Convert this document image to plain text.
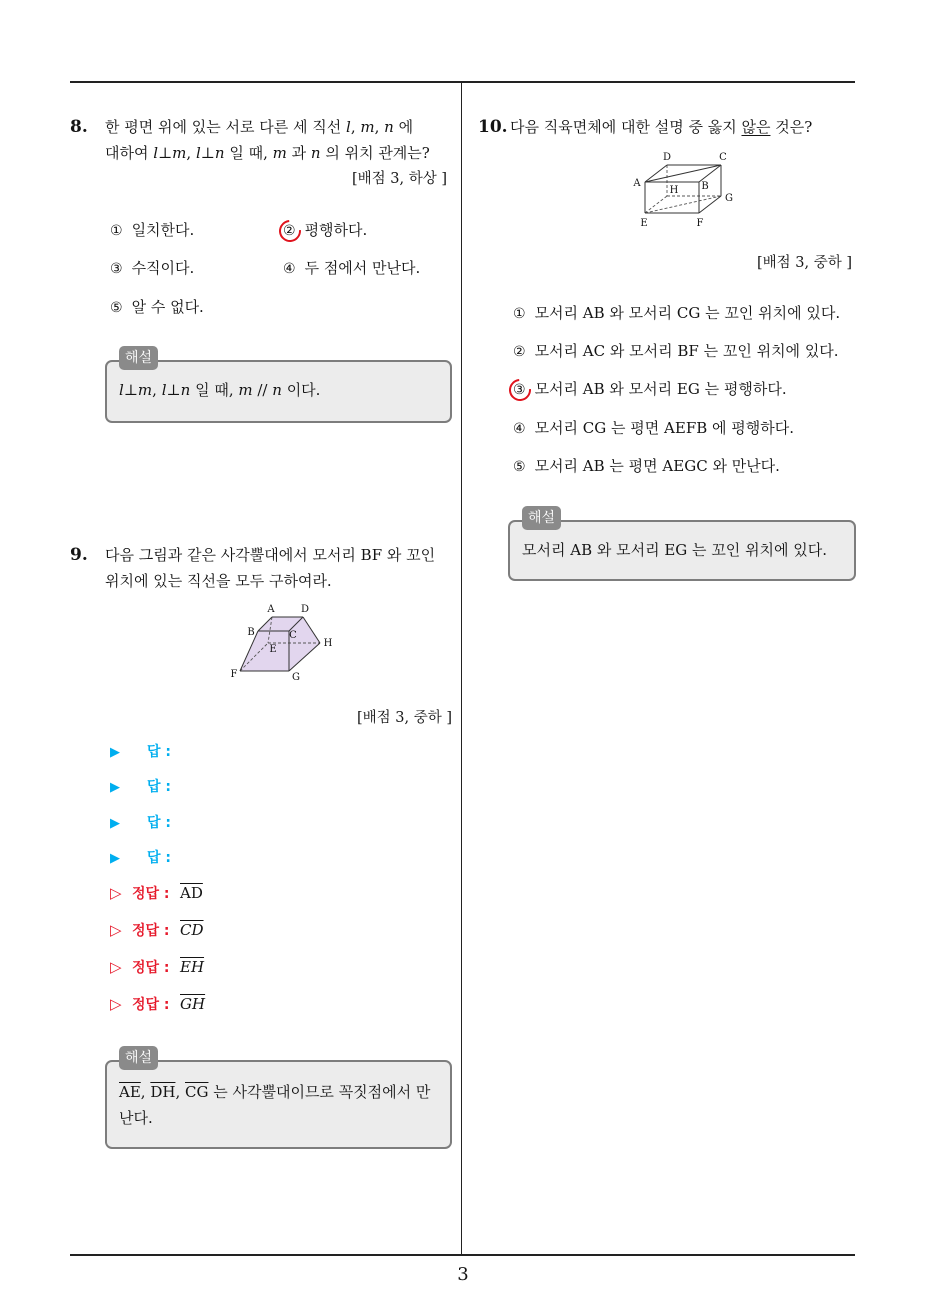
8. 한 평면 위에 있는 서로 다른 세 직선 l, m, n 에
대하여 l⊥m, l⊥n 일 때, m 과 n 의 위치 관계는?
[배점 3, 하상 ]
① 일치한다.	② 평행하다.
③ 수직이다.	④ 두 점에서 만난다.
⑤ 알 수 없다.
해설
l⊥m, l⊥n 일 때, m // n 이다.
9. 다음 그림과 같은 사각뿔대에서 모서리 BF 와 꼬인
위치에 있는 직선을 모두 구하여라.
A	D
B	C
H
E
F	G
[배점 3, 중하 ]
▶ 답 :
▶ 답 :
▶ 답 :
▶ 답 :
▷ 정답 : $\overline{AD}$
▷ 정답 : $\overline{CD}$
▷ 정답 : $\overline{EH}$
▷ 정답 : $\overline{GH}$
해설
$\overline{AE}$, $\overline{DH}$, $\overline{CG}$ 는 사각뿔대이므로 꼭짓점에서 만
난다.
10. 다음 직육면체에 대한 설명 중 옳지 않은 것은?
D	C
A
H B
G
E	F
[배점 3, 중하 ]
① 모서리 AB 와 모서리 CG 는 꼬인 위치에 있다.
② 모서리 AC 와 모서리 BF 는 꼬인 위치에 있다.
③ 모서리 AB 와 모서리 EG 는 평행하다.
④ 모서리 CG 는 평면 AEFB 에 평행하다.
⑤ 모서리 AB 는 평면 AEGC 와 만난다.
해설
모서리 AB 와 모서리 EG 는 꼬인 위치에 있다.
3
